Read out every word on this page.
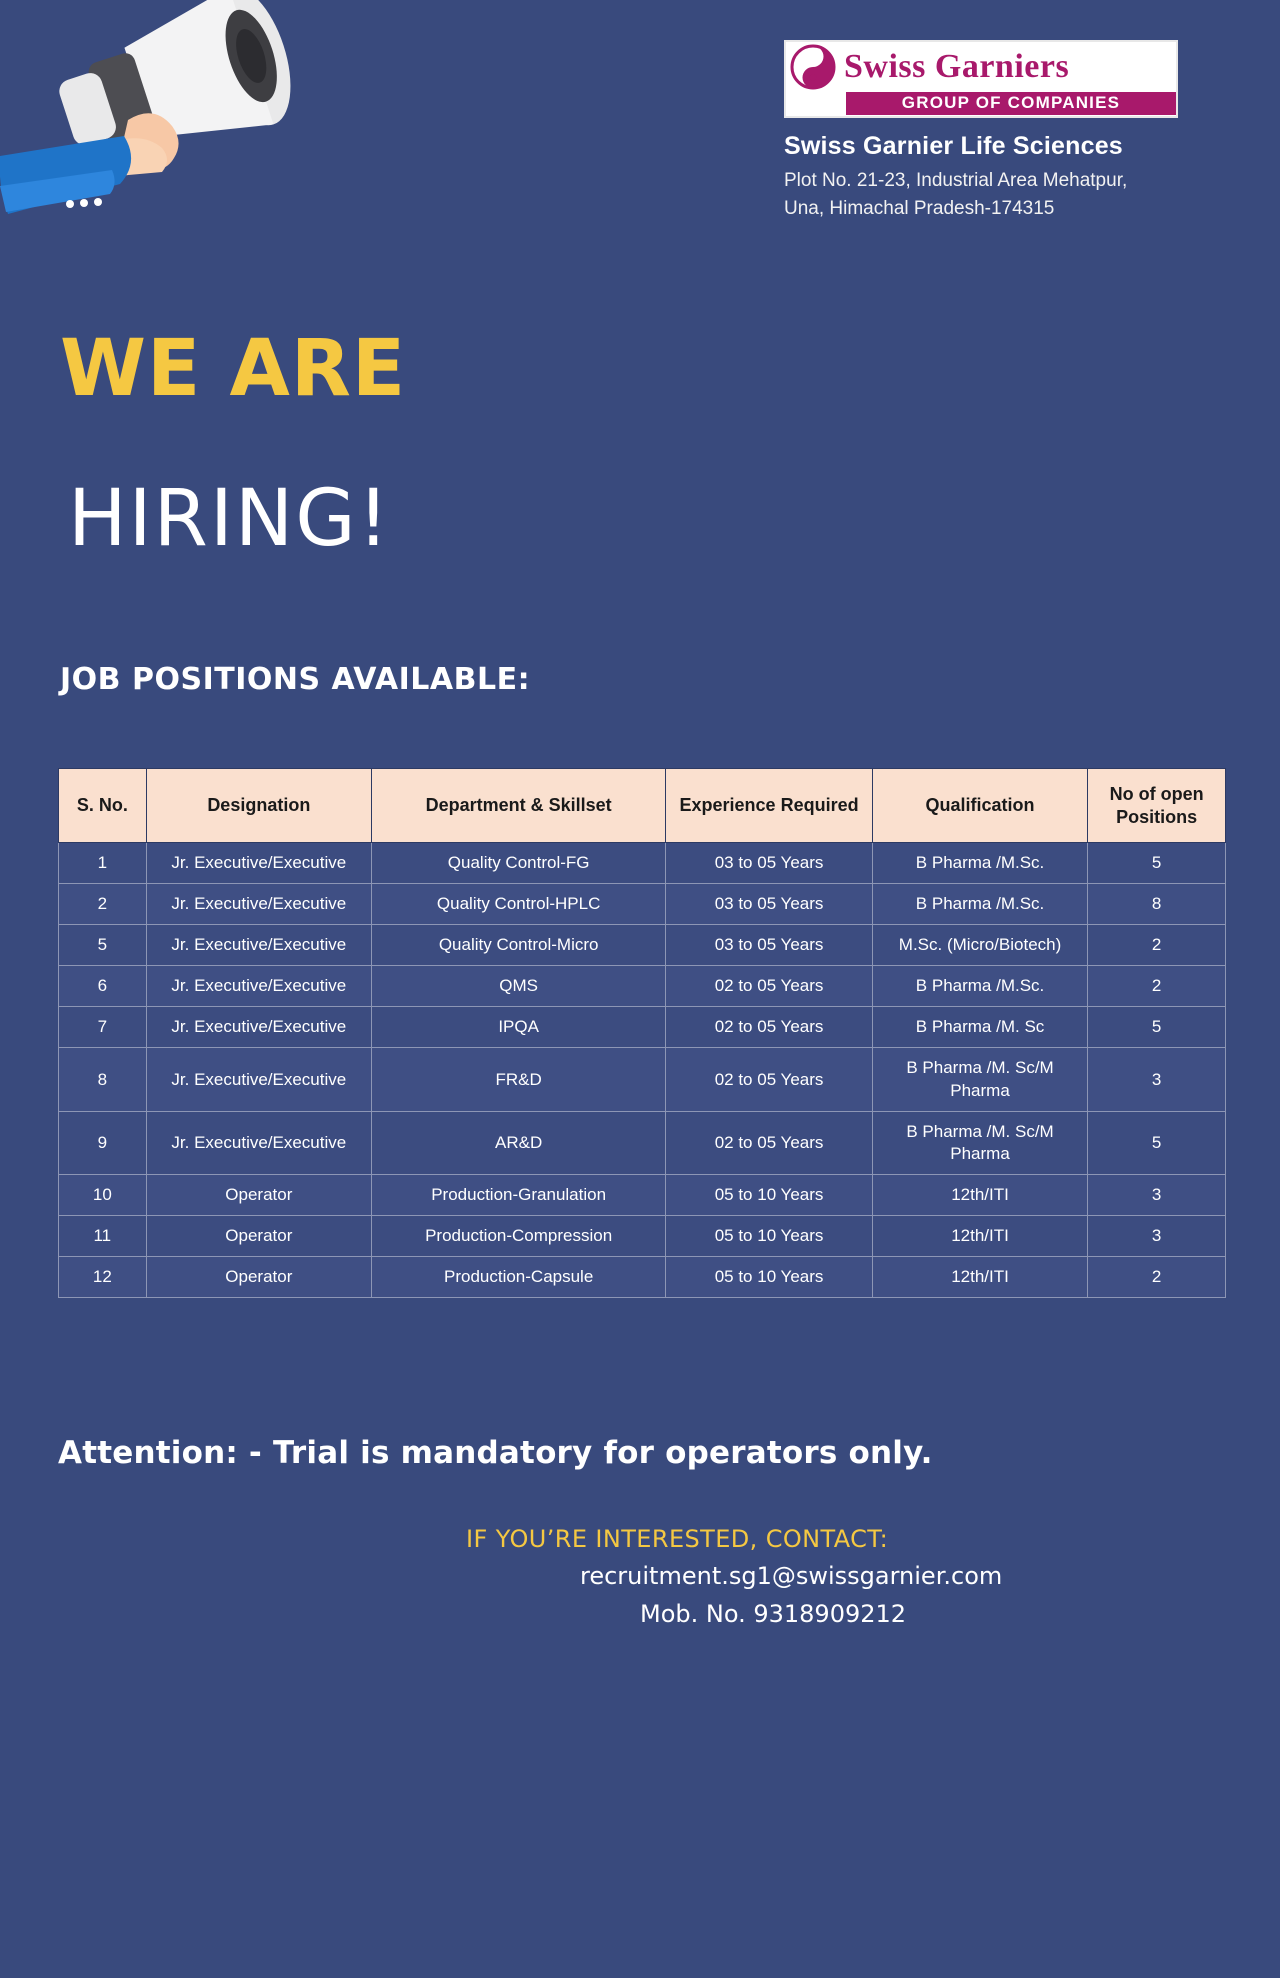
Swiss Garniers
GROUP OF COMPANIES
Swiss Garnier Life Sciences
Plot No. 21-23, Industrial Area Mehatpur,
Una, Himachal Pradesh-174315
WE ARE
HIRING!
JOB POSITIONS AVAILABLE:
S. No.	Designation	Department & Skillset	Experience Required	Qualification	No of open Positions
1	Jr. Executive/Executive	Quality Control-FG	03 to 05 Years	B Pharma /M.Sc.	5
2	Jr. Executive/Executive	Quality Control-HPLC	03 to 05 Years	B Pharma /M.Sc.	8
5	Jr. Executive/Executive	Quality Control-Micro	03 to 05 Years	M.Sc. (Micro/Biotech)	2
6	Jr. Executive/Executive	QMS	02 to 05 Years	B Pharma /M.Sc.	2
7	Jr. Executive/Executive	IPQA	02 to 05 Years	B Pharma /M. Sc	5
8	Jr. Executive/Executive	FR&D	02 to 05 Years	B Pharma /M. Sc/M Pharma	3
9	Jr. Executive/Executive	AR&D	02 to 05 Years	B Pharma /M. Sc/M Pharma	5
10	Operator	Production-Granulation	05 to 10 Years	12th/ITI	3
11	Operator	Production-Compression	05 to 10 Years	12th/ITI	3
12	Operator	Production-Capsule	05 to 10 Years	12th/ITI	2
Attention: - Trial is mandatory for operators only.
IF YOU’RE INTERESTED, CONTACT:
recruitment.sg1@swissgarnier.com
Mob. No. 9318909212
